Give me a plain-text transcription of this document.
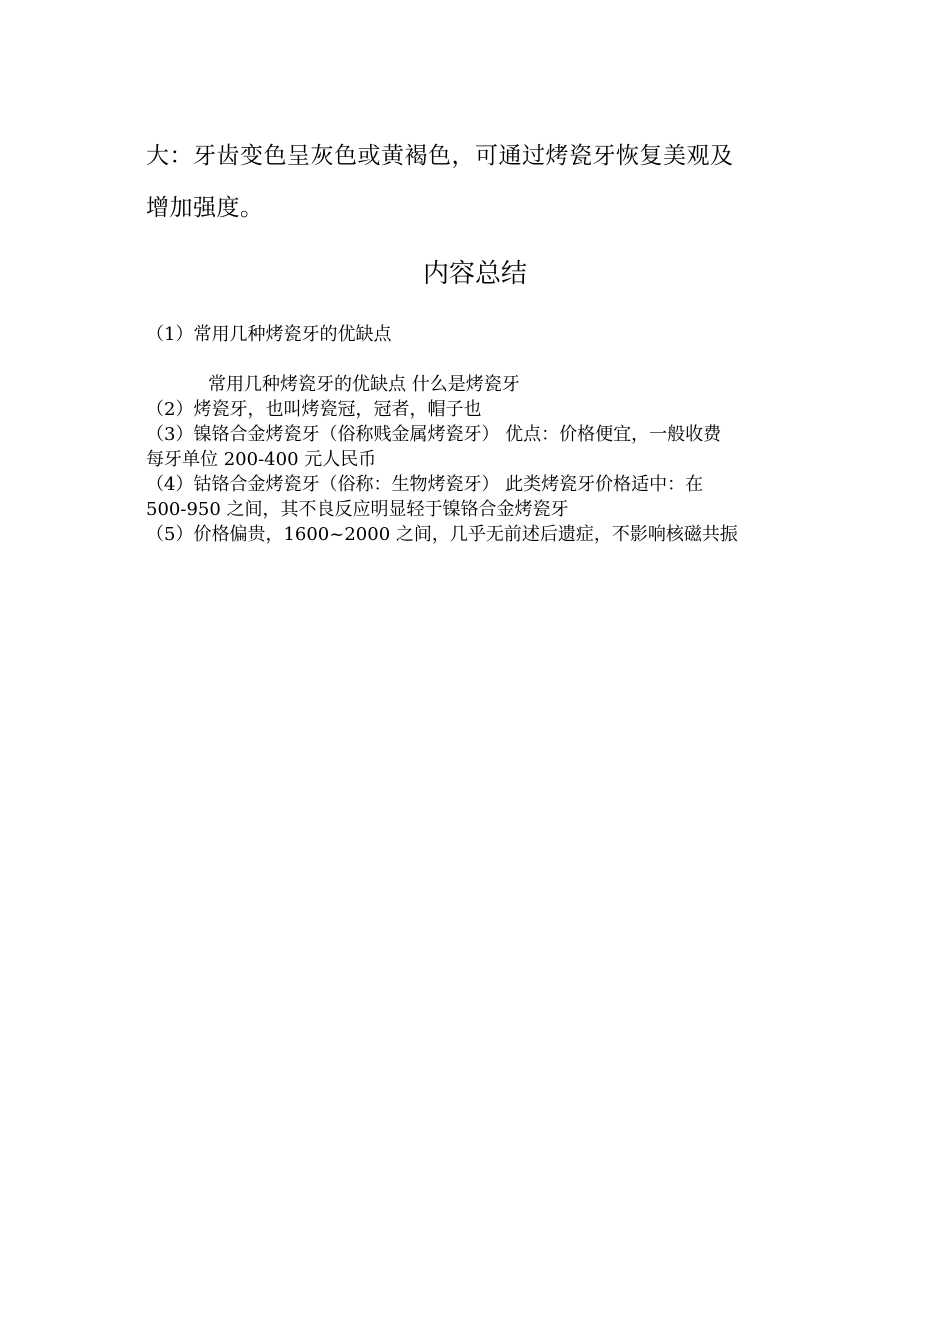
大：牙齿变色呈灰色或黄褐色，可通过烤瓷牙恢复美观及

增加强度。

内容总结

（1）常用几种烤瓷牙的优缺点

常用几种烤瓷牙的优缺点 什么是烤瓷牙

（2）烤瓷牙，也叫烤瓷冠，冠者，帽子也

（3）镍铬合金烤瓷牙（俗称贱金属烤瓷牙） 优点：价格便宜，一般收费

每牙单位 200-400 元人民币

（4）钴铬合金烤瓷牙（俗称：生物烤瓷牙） 此类烤瓷牙价格适中：在

500-950 之间，其不良反应明显轻于镍铬合金烤瓷牙

（5）价格偏贵，1600~2000 之间，几乎无前述后遗症，不影响核磁共振
